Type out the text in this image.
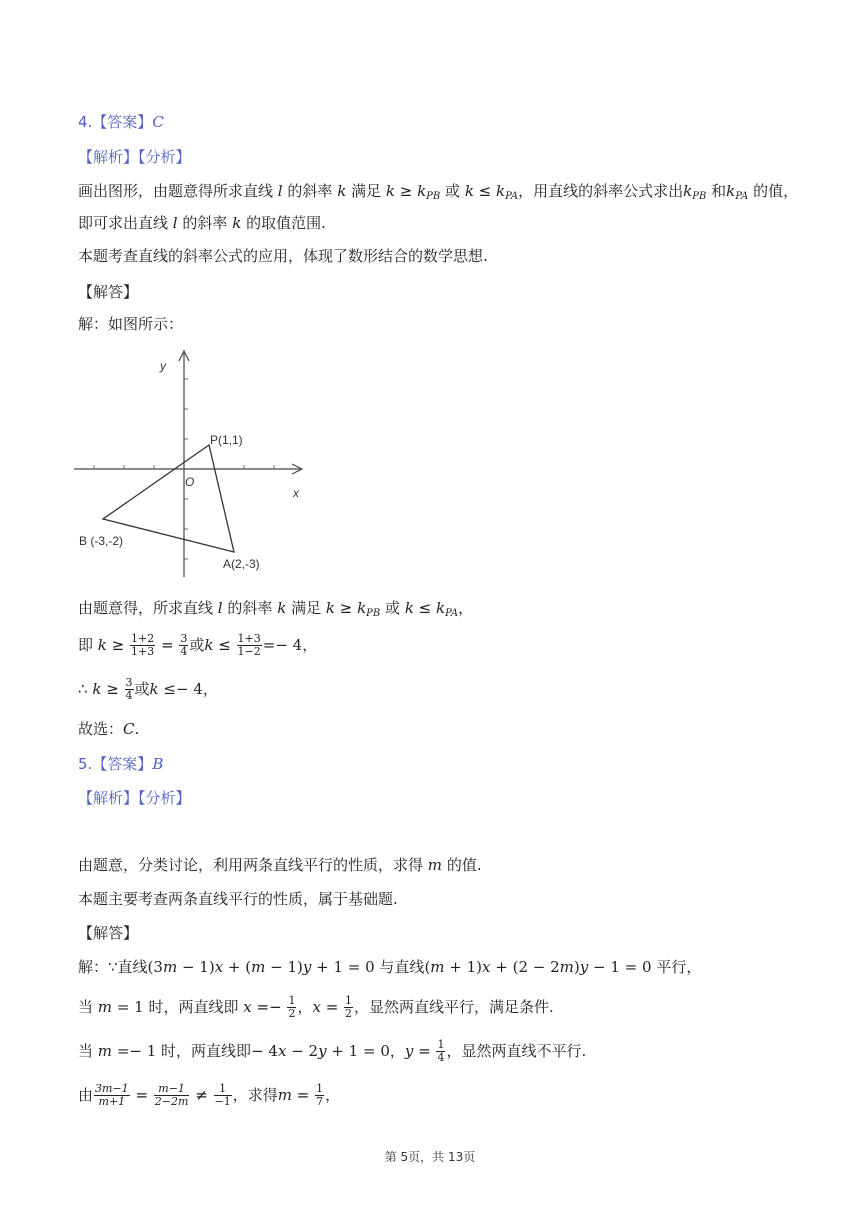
4.【答案】C
【解析】【分析】
画出图形，由题意得所求直线 l 的斜率 k 满足 $k \ge k_{PB}$ 或 $k \le k_{PA}$，用直线的斜率公式求出$k_{PB}$ 和$k_{PA}$ 的值，
即可求出直线 l 的斜率 k 的取值范围.
本题考查直线的斜率公式的应用，体现了数形结合的数学思想.
【解答】
解：如图所示：
y
x
O
P(1,1)
B (-3,-2)
A(2,-3)
由题意得，所求直线 l 的斜率 k 满足 $k \ge k_{PB}$ 或 $k \le k_{PA}$，
即 $k \ge \frac{1+2}{1+3} = \frac{3}{4}$ 或$k \le \frac{1+3}{1-2} =- 4$，
∴ $k \ge \frac{3}{4}$ 或k ≤− 4，
故选：C.
5.【答案】B
【解析】【分析】
由题意，分类讨论，利用两条直线平行的性质，求得 m 的值.
本题主要考查两条直线平行的性质，属于基础题.
【解答】
解：∵直线(3m − 1)x + (m − 1)y + 1 = 0 与直线(m + 1)x + (2 − 2m)y − 1 = 0 平行，
当 m = 1 时，两直线即 $x =- \frac{1}{2}$ ，$x = \frac{1}{2}$ ，显然两直线平行，满足条件.
当 m =− 1 时，两直线即− 4x − 2y + 1 = 0，$y = \frac{1}{4}$ ，显然两直线不平行.
由 $\frac{3m-1}{m+1} = \frac{m-1}{2-2m} \ne \frac{1}{-1}$ ，求得$m = \frac{1}{7}$ ，
第 5页，共 13页
